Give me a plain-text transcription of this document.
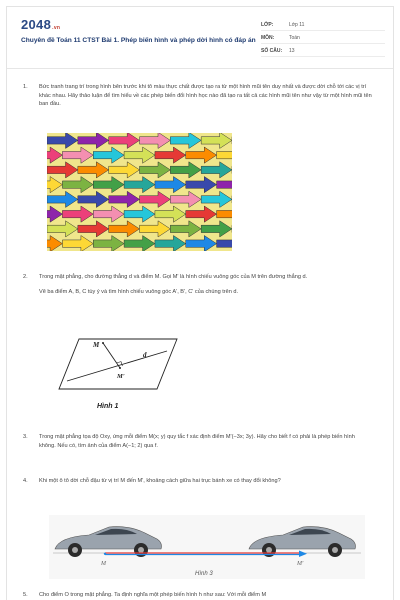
2048.vn
Chuyên đề Toán 11 CTST Bài 1. Phép biến hình và phép dời hình có đáp án
LỚP:	Lớp 11
MÔN:	Toán
SỐ CÂU:	13
1. Bức tranh trang trí trong hình bên trước khi tô màu thực chất được tạo ra từ một hình mũi tên duy nhất và được dời chỗ tới các vị trí khác nhau. Hãy thảo luận để tìm hiểu về các phép biến đổi hình học nào đã tạo ra tất cả các hình mũi tên như vậy từ một hình mũi tên ban đầu.
2. Trong mặt phẳng, cho đường thẳng d và điểm M. Gọi M' là hình chiếu vuông góc của M trên đường thẳng d.
Vẽ ba điểm A, B, C tùy ý và tìm hình chiếu vuông góc A', B', C' của chúng trên d.
M
d
M'
Hình 1
3. Trong mặt phẳng tọa độ Oxy, ứng mỗi điểm M(x; y) quy tắc f xác định điểm M'(−3x; 3y). Hãy cho biết f có phải là phép biến hình không. Nếu có, tìm ảnh của điểm A(−1; 2) qua f.
4. Khi một ô tô dời chỗ đậu từ vị trí M đến M', khoảng cách giữa hai trục bánh xe có thay đổi không?
M	M'
Hình 3
5. Cho điểm O trong mặt phẳng. Ta định nghĩa một phép biến hình h như sau: Với mỗi điểm M
